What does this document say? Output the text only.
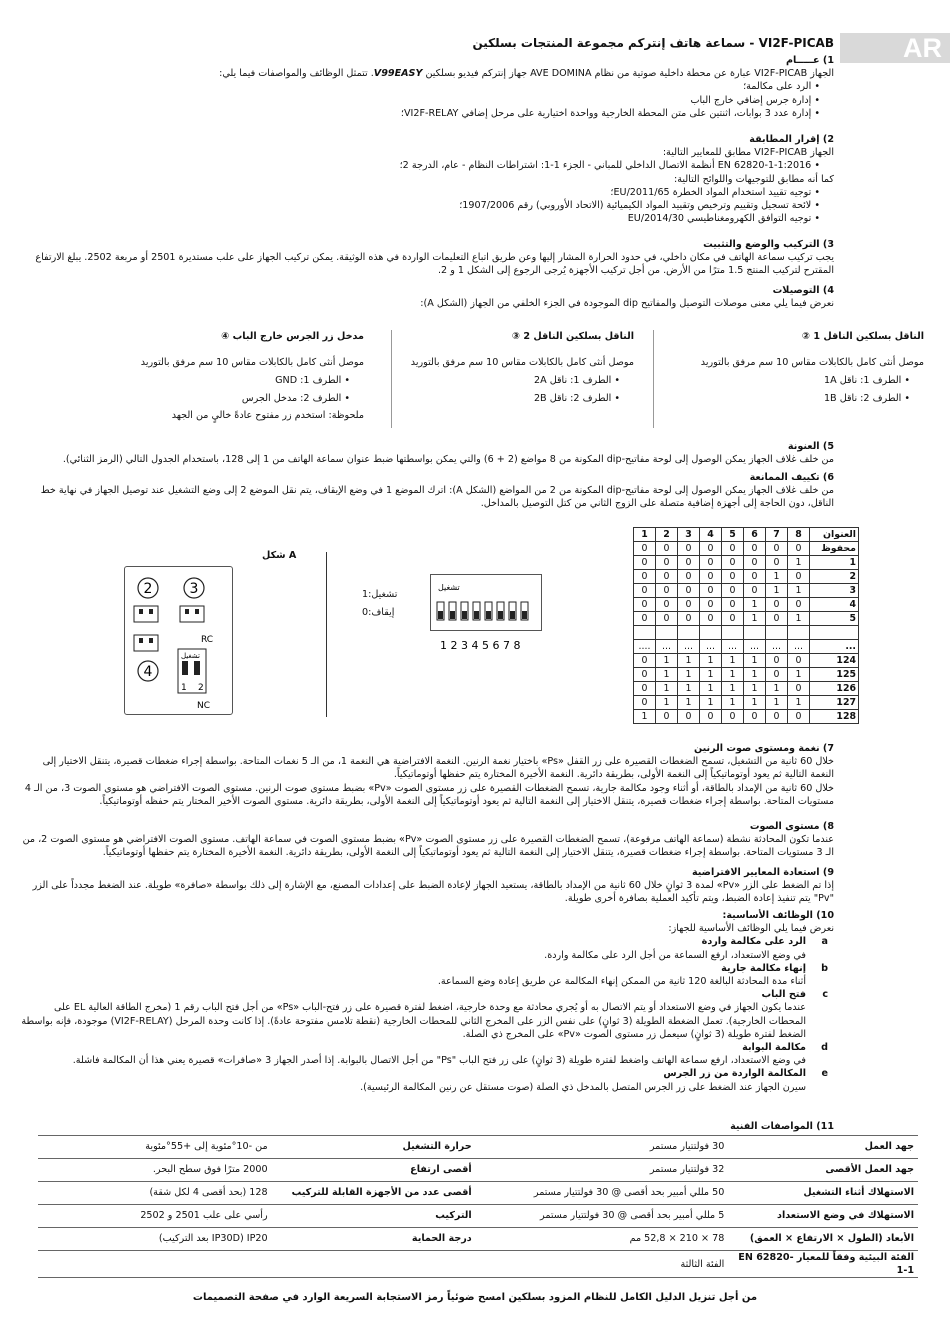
AR
VI2F-PICAB - سماعة هاتف إنتركم مجموعة المنتجات بسلكين
1) عـــــام

الجهاز VI2F-PICAB عبارة عن محطة داخلية صوتية من نظام AVE DOMINA جهاز إنتركم فيديو بسلكين V99EASY. تتمثل الوظائف والمواصفات فيما يلي:

• الرد على مكالمة؛
• إدارة جرس إضافي خارج الباب
• إدارة عدد 3 بوابات، اثنتين على متن المحطة الخارجية وواحدة اختيارية على مرحل إضافي VI2F-RELAY؛
2) إقرار المطابقة

الجهاز VI2F-PICAB مطابق للمعايير التالية:

• EN 62820-1-1:2016 أنظمة الاتصال الداخلي للمباني - الجزء 1-1: اشتراطات النظام - عام، الدرجة 2؛

كما أنه مطابق للتوجيهات واللوائح التالية:

• توجيه تقييد استخدام المواد الخطرة 2011/65/EU؛
• لائحة تسجيل وتقييم وترخيص وتقييد المواد الكيميائية (الاتحاد الأوروبي) رقم 1907/2006؛
• توجيه التوافق الكهرومغناطيسي 2014/30/EU
3) التركيب والوضع والتثبيت

يجب تركيب سماعة الهاتف في مكان داخلي، في حدود الحرارة المشار إليها وعن طريق اتباع التعليمات الواردة في هذه الوثيقة. يمكن تركيب الجهاز على علب مستديرة 2501 أو مربعة 2502. يبلغ الارتفاع المقترح لتركيب المنتج 1.5 مترًا من الأرض. من أجل تركيب الأجهزة يُرجى الرجوع إلى الشكل 1 و 2.

4) التوصيلات

نعرض فيما يلي معنى موصلات التوصيل والمفاتيح dip الموجودة في الجزء الخلفي من الجهاز (الشكل A):

الناقل بسلكين الناقل 1 ②

موصل أنثى كامل بالكابلات مقاس 10 سم مرفق بالتوريد

• الطرف 1: ناقل 1A
• الطرف 2: ناقل 1B
الناقل بسلكين الناقل 2 ③

موصل أنثى كامل بالكابلات مقاس 10 سم مرفق بالتوريد

• الطرف 1: ناقل 2A
• الطرف 2: ناقل 2B
مدخل زر الجرس خارج الباب ④

موصل أنثى كامل بالكابلات مقاس 10 سم مرفق بالتوريد

• الطرف 1: GND
• الطرف 2: مدخل الجرس

ملحوظة: استخدم زر مفتوح عادةً خاليٍ من الجهد

5) العنونة

من خلف غلاف الجهاز يمكن الوصول إلى لوحة مفاتيح-dip المكونة من 8 مواضع (2 + 6) والتي يمكن بواسطتها ضبط عنوان سماعة الهاتف من 1 إلى 128، باستخدام الجدول التالي (الرمز الثنائي).

6) تكييف الممانعة

من خلف غلاف الجهاز يمكن الوصول إلى لوحة مفاتيح-dip المكونة من 2 من المواضع (الشكل A): اترك الموضع 1 في وضع الإيقاف، يتم نقل الموضع 2 إلى وضع التشغيل عند توصيل الجهاز في نهاية خط الناقل، دون الحاجة إلى أجهزة إضافية متصلة على الزوج الثاني من كتل التوصيل بالمداخل.

شكل A
2	3
4
RC
تشغيل
1 2
NC
تشغيل:1
إيقاف:0
تشغيل
1 2 3 4 5 6 7 8
1	2	3	4	5	6	7	8	العنوان
0	0	0	0	0	0	0	0	محفوظ
0	0	0	0	0	0	0	1	1
0	0	0	0	0	0	1	0	2
0	0	0	0	0	0	1	1	3
0	0	0	0	0	1	0	0	4
0	0	0	0	0	1	0	1	5

....	...	...	...	...	...	...	...	...
0	1	1	1	1	1	0	0	124
0	1	1	1	1	1	0	1	125
0	1	1	1	1	1	1	0	126
0	1	1	1	1	1	1	1	127
1	0	0	0	0	0	0	0	128
7) نغمة ومستوى صوت الرنين

خلال 60 ثانية من التشغيل، تسمح الضغطات القصيرة على زر القفل «Ps» باختيار نغمة الرنين. النغمة الافتراضية هي النغمة 1، من الـ 5 نغمات المتاحة. بواسطة إجراء ضغطات قصيرة، يتنقل الاختيار إلى النغمة التالية ثم يعود أوتوماتيكياً إلى النغمة الأولى، بطريقة دائرية. النغمة الأخيرة المختارة يتم حفظها أوتوماتيكياً.

خلال 60 ثانية من الإمداد بالطاقة، أو أثناء وجود مكالمة جارية، تسمح الضغطات القصيرة على زر مستوى الصوت «Pv» بضبط مستوى صوت الرنين. مستوى الصوت الافتراضي هو مستوى الصوت 3، من الـ 4 مستويات المتاحة. بواسطة إجراء ضغطات قصيرة، يتنقل الاختيار إلى النغمة التالية ثم يعود أوتوماتيكياً إلى النغمة الأولى، بطريقة دائرية. مستوى الصوت الأخير المختار يتم حفظه أوتوماتيكياً.

8) مستوى الصوت

عندما تكون المحادثة نشطة (سماعة الهاتف مرفوعة)، تسمح الضغطات القصيرة على زر مستوى الصوت «Pv» بضبط مستوى الصوت في سماعة الهاتف. مستوى الصوت الافتراضي هو مستوى الصوت 2، من الـ 3 مستويات المتاحة. بواسطة إجراء ضغطات قصيرة، يتنقل الاختيار إلى النغمة التالية ثم يعود أوتوماتيكياً إلى النغمة الأولى، بطريقة دائرية. النغمة الأخيرة المختارة يتم حفظها أوتوماتيكياً.

9) استعادة المعايير الافتراضية

إذا تم الضغط على الزر «Pv» لمدة 3 ثوانٍ خلال 60 ثانية من الإمداد بالطاقة، يستعيد الجهاز لإعادة الضبط على إعدادات المصنع، مع الإشارة إلى ذلك بواسطة «صافرة» طويلة. عند الضغط مجدداً على الزر "Pv" يتم تنفيذ إعادة الضبط، ويتم تأكيد العملية بصافرة أخرى طويلة.

10) الوظائف الأساسية:

نعرض فيما يلي الوظائف الأساسية للجهاز:

a
الرد على مكالمة واردة

في وضع الاستعداد، ارفع السماعة من أجل الرد على مكالمة واردة.

b
إنهاء مكالمة جارية

أثناء مدة المحادثة البالغة 120 ثانية من الممكن إنهاء المكالمة عن طريق إعادة وضع السماعة.

c
فتح الباب

عندما يكون الجهاز في وضع الاستعداد أو يتم الاتصال به أو يُجري محادثة مع وحدة خارجية، اضغط لفترة قصيرة على زر فتح-الباب «Ps» من أجل فتح الباب رقم 1 (مخرج الطاقة العالية EL على المحطات الخارجية). تعمل الضغطة الطويلة (3 ثوانٍ) على نفس الزر على المخرج الثاني للمحطات الخارجية (نقطة تلامس مفتوحة عادةً). إذا كانت وحدة المرحل (VI2F-RELAY) موجودة، فإنه بواسطة الضغط لفترة طويلة (3 ثوانٍ) سيعمل زر مستوى الصوت «Pv» على المخرج ذي الصلة.

d
مكالمة البوابة

في وضع الاستعداد، ارفع سماعة الهاتف واضغط لفترة طويلة (3 ثوانٍ) على زر فتح الباب "Ps" من أجل الاتصال بالبوابة. إذا أصدر الجهاز 3 «صافرات» قصيرة يعني هذا أن المكالمة فاشلة.

e
المكالمة الواردة من زر الجرس

سيرن الجهاز عند الضغط على زر الجرس المتصل بالمدخل ذي الصلة (صوت مستقل عن رنين المكالمة الرئيسية).

11) المواصفات الفنية
جهد العمل	30 فولتتيار مستمر	حرارة التشغيل	من -10°مئوية إلى +55°مئوية
جهد العمل الأقصى	32 فولتتيار مستمر	أقصى ارتفاع	2000 مترًا فوق سطح البحر.
الاستهلاك أثناء التشغيل	50 مللي أمبير بحد أقصى @ 30 فولتتيار مستمر	أقصى عدد من الأجهزة القابلة للتركيب	128 (بحد أقصى 4 لكل شقة)
الاستهلاك في وضع الاستعداد	5 مللي أمبير بحد أقصى @ 30 فولتتيار مستمر	التركيب	رأسي على علب 2501 و 2502
الأبعاد (الطول × الارتفاع × العمق)	78 × 210 × 52,8 مم	درجة الحماية	IP20 (IP30D بعد التركيب)
الفئة البيئية وفقاً للمعيار EN 62820-1-1	الفئة الثالثة		
من أجل تنزيل الدليل الكامل للنظام المزود بسلكين امسح ضوئياً رمز الاستجابة السريعة الوارد في صفحة التصميمات
